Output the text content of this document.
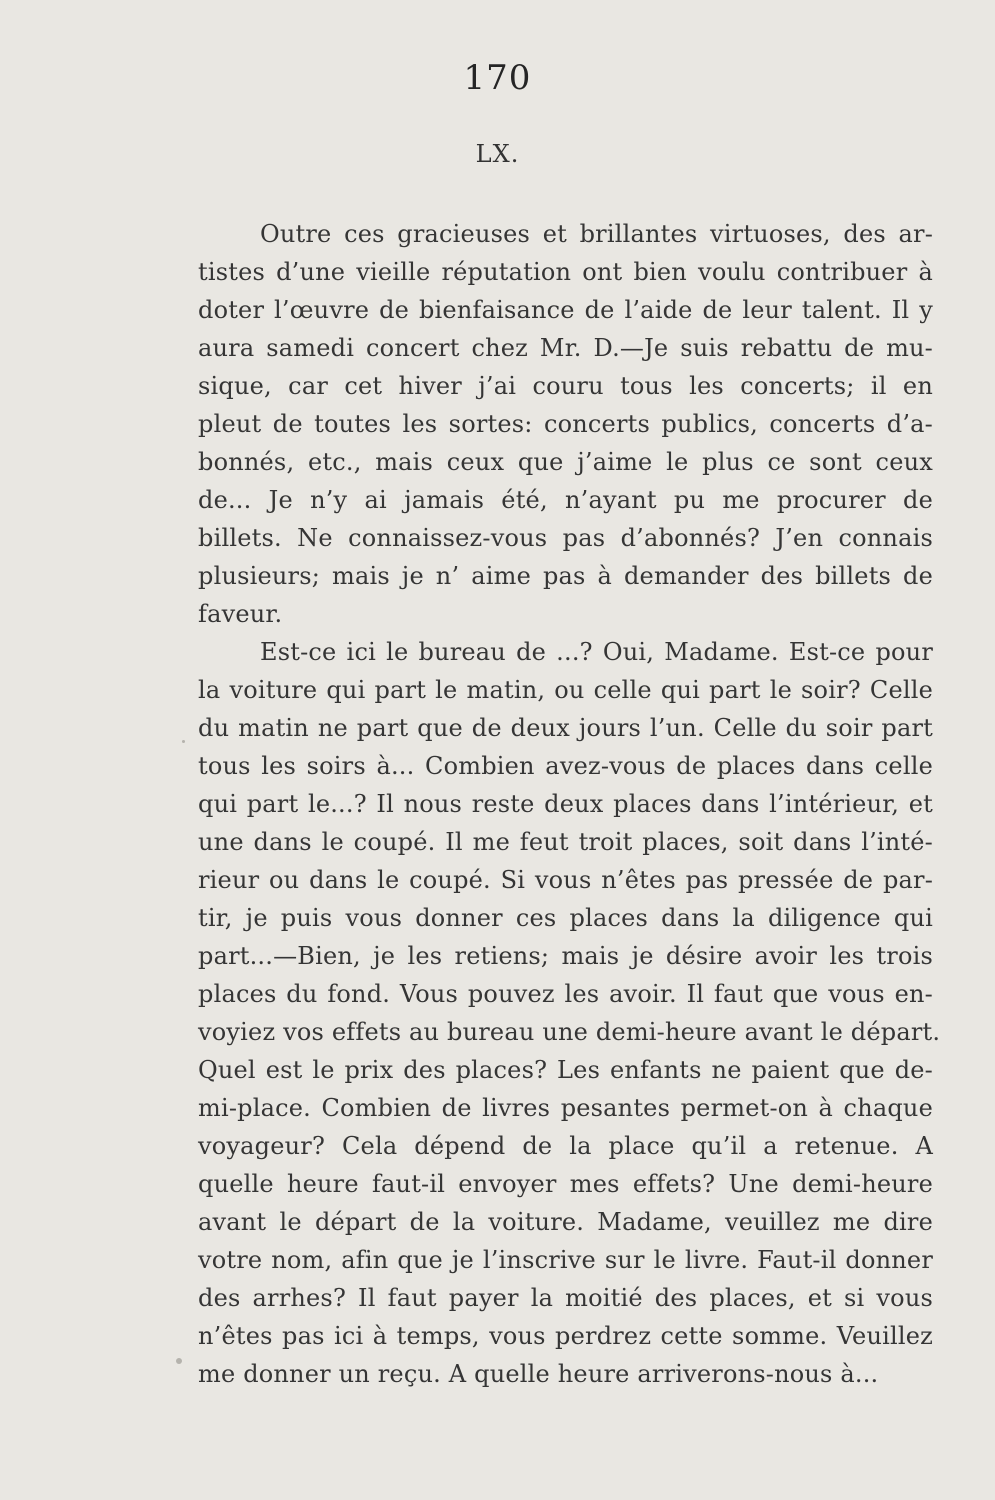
170
LX.
Outre ces gracieuses et brillantes virtuoses, des ar-
tistes d’une vieille réputation ont bien voulu contribuer à
doter l’œuvre de bienfaisance de l’aide de leur talent. Il y
aura samedi concert chez Mr. D.—Je suis rebattu de mu-
sique, car cet hiver j’ai couru tous les concerts; il en
pleut de toutes les sortes: concerts publics, concerts d’a-
bonnés, etc., mais ceux que j’aime le plus ce sont ceux
de... Je n’y ai jamais été, n’ayant pu me procurer de
billets. Ne connaissez-vous pas d’abonnés? J’en connais
plusieurs; mais je n’ aime pas à demander des billets de
faveur.
Est-ce ici le bureau de ...? Oui, Madame. Est-ce pour
la voiture qui part le matin, ou celle qui part le soir? Celle
du matin ne part que de deux jours l’un. Celle du soir part
tous les soirs à... Combien avez-vous de places dans celle
qui part le...? Il nous reste deux places dans l’intérieur, et
une dans le coupé. Il me feut troit places, soit dans l’inté-
rieur ou dans le coupé. Si vous n’êtes pas pressée de par-
tir, je puis vous donner ces places dans la diligence qui
part...—Bien, je les retiens; mais je désire avoir les trois
places du fond. Vous pouvez les avoir. Il faut que vous en-
voyiez vos effets au bureau une demi-heure avant le départ.
Quel est le prix des places? Les enfants ne paient que de-
mi-place. Combien de livres pesantes permet-on à chaque
voyageur? Cela dépend de la place qu’il a retenue. A
quelle heure faut-il envoyer mes effets? Une demi-heure
avant le départ de la voiture. Madame, veuillez me dire
votre nom, afin que je l’inscrive sur le livre. Faut-il donner
des arrhes? Il faut payer la moitié des places, et si vous
n’êtes pas ici à temps, vous perdrez cette somme. Veuillez
me donner un reçu. A quelle heure arriverons-nous à...
